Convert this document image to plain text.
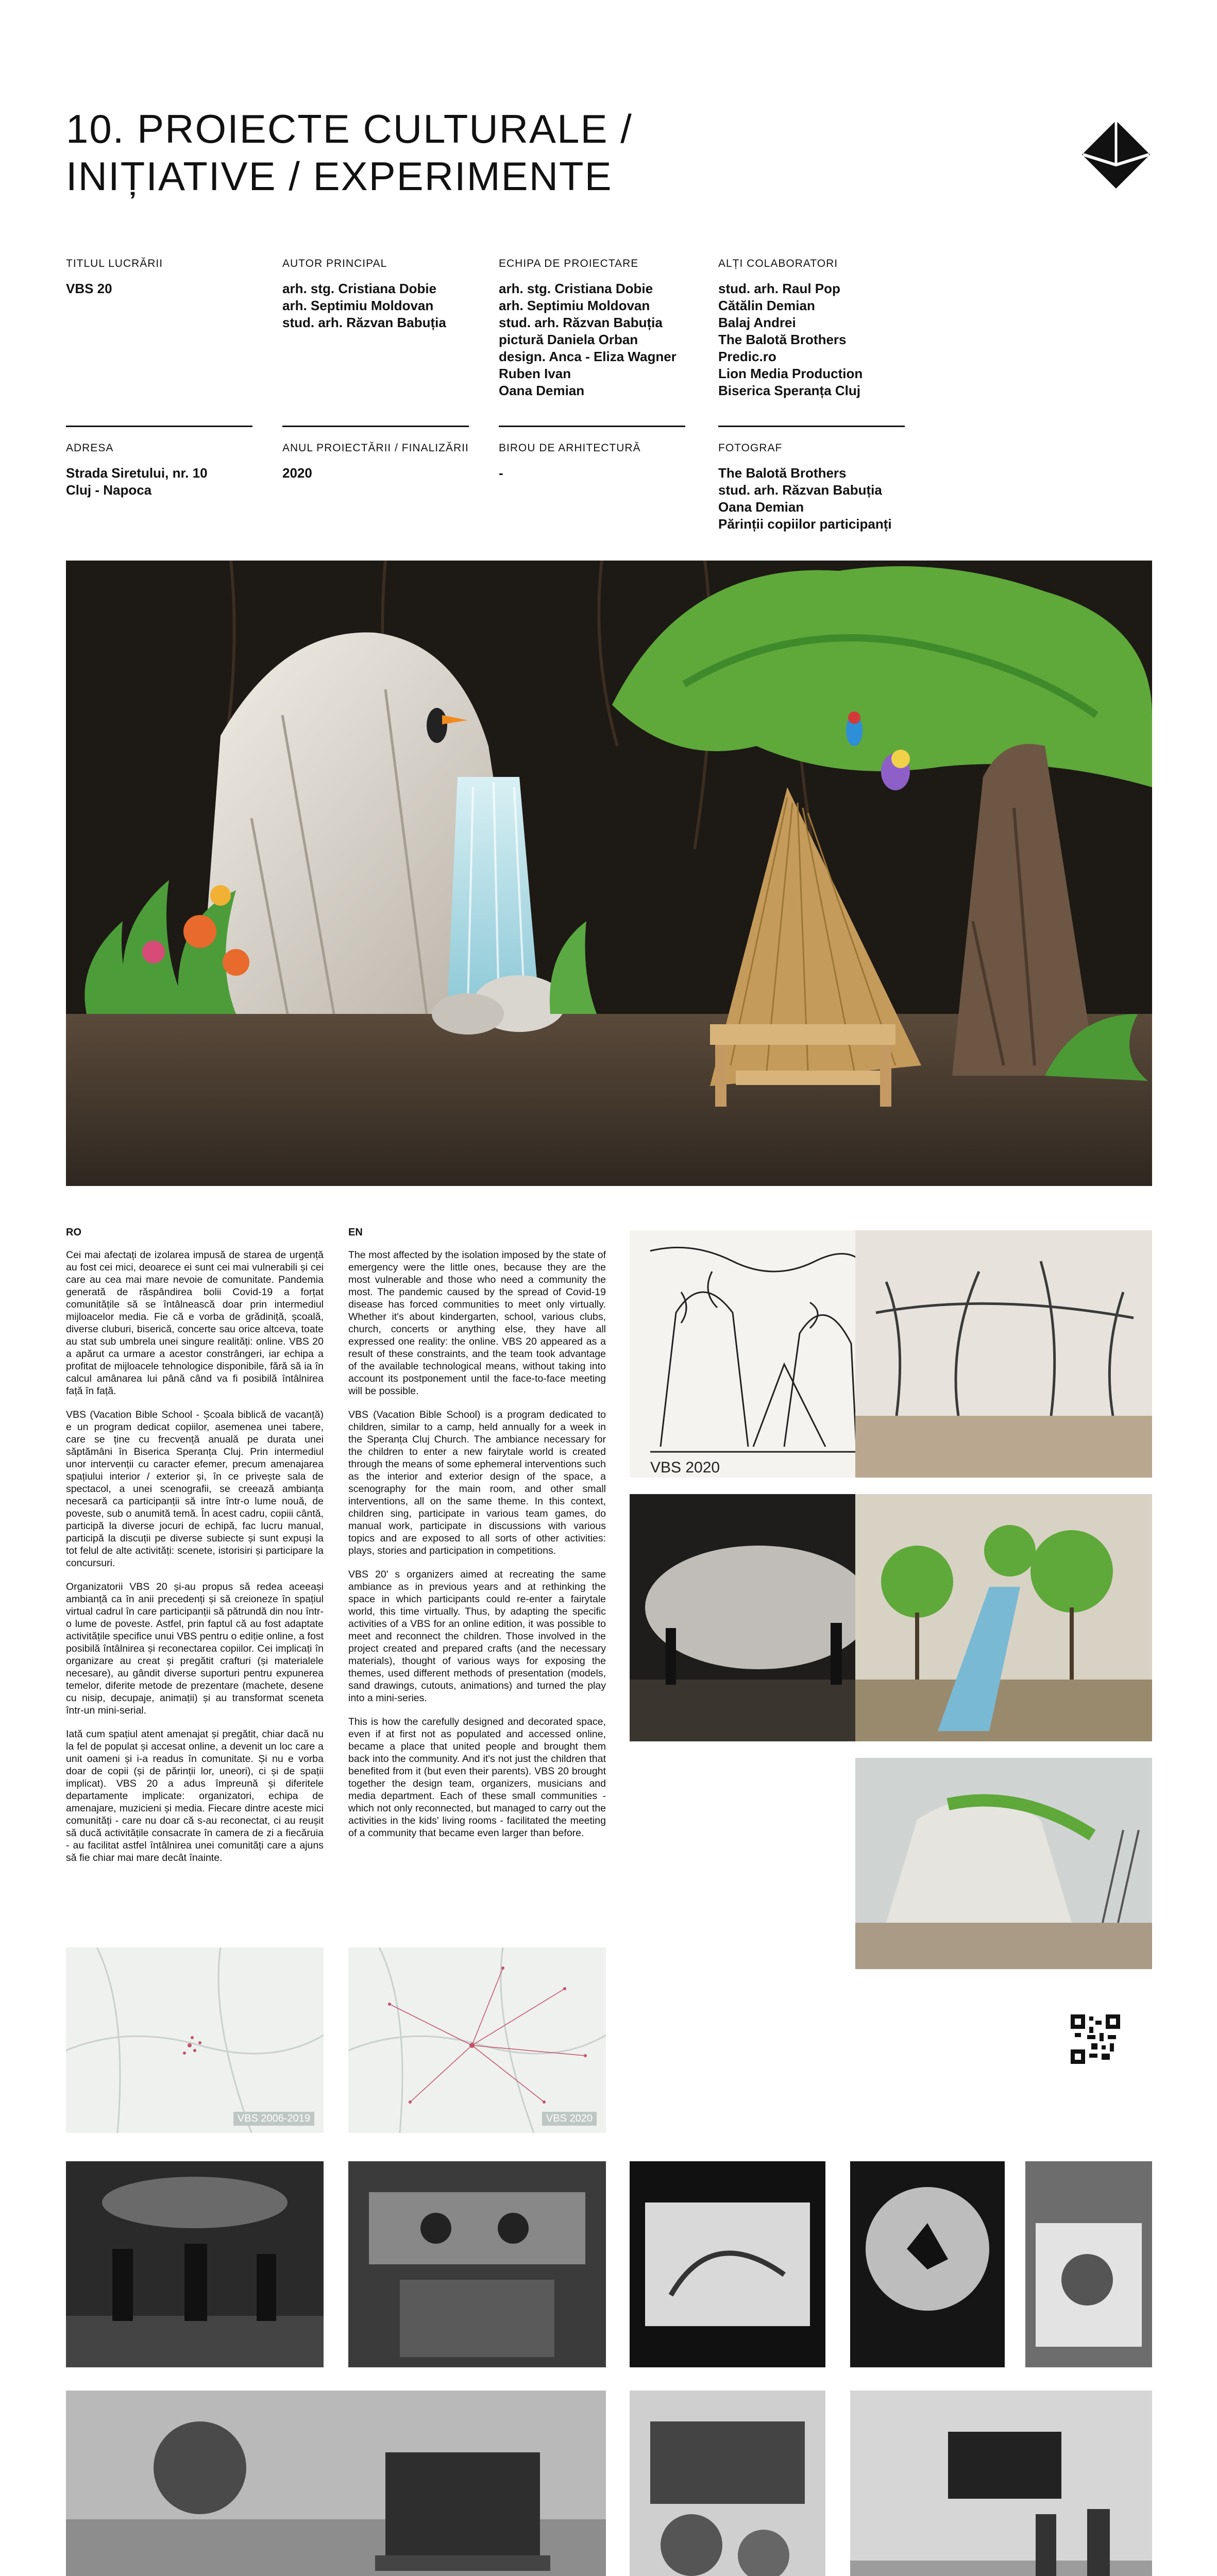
10. PROIECTE CULTURALE /
INIȚIATIVE / EXPERIMENTE
TITLUL LUCRĂRII
VBS 20
AUTOR PRINCIPAL
arh. stg. Cristiana Dobie
arh. Septimiu Moldovan
stud. arh. Răzvan Babuția
ECHIPA DE PROIECTARE
arh. stg. Cristiana Dobie
arh. Septimiu Moldovan
stud. arh. Răzvan Babuția
pictură Daniela Orban
design. Anca - Eliza Wagner
Ruben Ivan
Oana Demian
ALȚI COLABORATORI
stud. arh. Raul Pop
Cătălin Demian
Balaj Andrei
The Balotă Brothers
Predic.ro
Lion Media Production
Biserica Speranța Cluj
ADRESA
Strada Siretului, nr. 10
Cluj - Napoca
ANUL PROIECTĂRII / FINALIZĂRII
2020
BIROU DE ARHITECTURĂ
-
FOTOGRAF
The Balotă Brothers
stud. arh. Răzvan Babuția
Oana Demian
Părinții copiilor participanți
RO

Cei mai afectați de izolarea impusă de starea de urgență au fost cei mici, deoarece ei sunt cei mai vulnerabili și cei care au cea mai mare nevoie de comunitate. Pandemia generată de răspândirea bolii Covid-19 a forțat comunitățile să se întâlnească doar prin intermediul mijloacelor media. Fie că e vorba de grădiniță, școală, diverse cluburi, biserică, concerte sau orice altceva, toate au stat sub umbrela unei singure realități: online. VBS 20 a apărut ca urmare a acestor constrângeri, iar echipa a profitat de mijloacele tehnologice disponibile, fără să ia în calcul amânarea lui până când va fi posibilă întâlnirea față în față.

VBS (Vacation Bible School - Școala biblică de vacanță) e un program dedicat copiilor, asemenea unei tabere, care se ține cu frecvență anuală pe durata unei săptămâni în Biserica Speranța Cluj. Prin intermediul unor intervenții cu caracter efemer, precum amenajarea spațiului interior / exterior și, în ce privește sala de spectacol, a unei scenografii, se creează ambianța necesară ca participanții să intre într-o lume nouă, de poveste, sub o anumită temă. În acest cadru, copiii cântă, participă la diverse jocuri de echipă, fac lucru manual, participă la discuții pe diverse subiecte și sunt expuși la tot felul de alte activități: scenete, istorisiri și participare la concursuri.

Organizatorii VBS 20 și-au propus să redea aceeași ambianță ca în anii precedenți și să creioneze în spațiul virtual cadrul în care participanții să pătrundă din nou într-o lume de poveste. Astfel, prin faptul că au fost adaptate activitățile specifice unui VBS pentru o ediție online, a fost posibilă întâlnirea și reconectarea copiilor. Cei implicați în organizare au creat și pregătit crafturi (și materialele necesare), au gândit diverse suporturi pentru expunerea temelor, diferite metode de prezentare (machete, desene cu nisip, decupaje, animații) și au transformat sceneta într-un mini-serial.

Iată cum spațiul atent amenajat și pregătit, chiar dacă nu la fel de populat și accesat online, a devenit un loc care a unit oameni și i-a readus în comunitate. Și nu e vorba doar de copii (și de părinții lor, uneori), ci și de spații implicat). VBS 20 a adus împreună și diferitele departamente implicate: organizatori, echipa de amenajare, muzicieni și media. Fiecare dintre aceste mici comunități - care nu doar că s-au reconectat, ci au reușit să ducă activitățile consacrate în camera de zi a fiecăruia - au facilitat astfel întâlnirea unei comunități care a ajuns să fie chiar mai mare decât înainte.

EN

The most affected by the isolation imposed by the state of emergency were the little ones, because they are the most vulnerable and those who need a community the most. The pandemic caused by the spread of Covid-19 disease has forced communities to meet only virtually. Whether it's about kindergarten, school, various clubs, church, concerts or anything else, they have all expressed one reality: the online. VBS 20 appeared as a result of these constraints, and the team took advantage of the available technological means, without taking into account its postponement until the face-to-face meeting will be possible.

VBS (Vacation Bible School) is a program dedicated to children, similar to a camp, held annually for a week in the Speranța Cluj Church. The ambiance necessary for the children to enter a new fairytale world is created through the means of some ephemeral interventions such as the interior and exterior design of the space, a scenography for the main room, and other small interventions, all on the same theme. In this context, children sing, participate in various team games, do manual work, participate in discussions with various topics and are exposed to all sorts of other activities: plays, stories and participation in competitions.

VBS 20' s organizers aimed at recreating the same ambiance as in previous years and at rethinking the space in which participants could re-enter a fairytale world, this time virtually. Thus, by adapting the specific activities of a VBS for an online edition, it was possible to meet and reconnect the children. Those involved in the project created and prepared crafts (and the necessary materials), thought of various ways for exposing the themes, used different methods of presentation (models, sand drawings, cutouts, animations) and turned the play into a mini-series.

This is how the carefully designed and decorated space, even if at first not as populated and accessed online, became a place that united people and brought them back into the community. And it's not just the children that benefited from it (but even their parents). VBS 20 brought together the design team, organizers, musicians and media department. Each of these small communities - which not only reconnected, but managed to carry out the activities in the kids' living rooms - facilitated the meeting of a community that became even larger than before.

VBS 2020
VBS 2006-2019	VBS 2020
